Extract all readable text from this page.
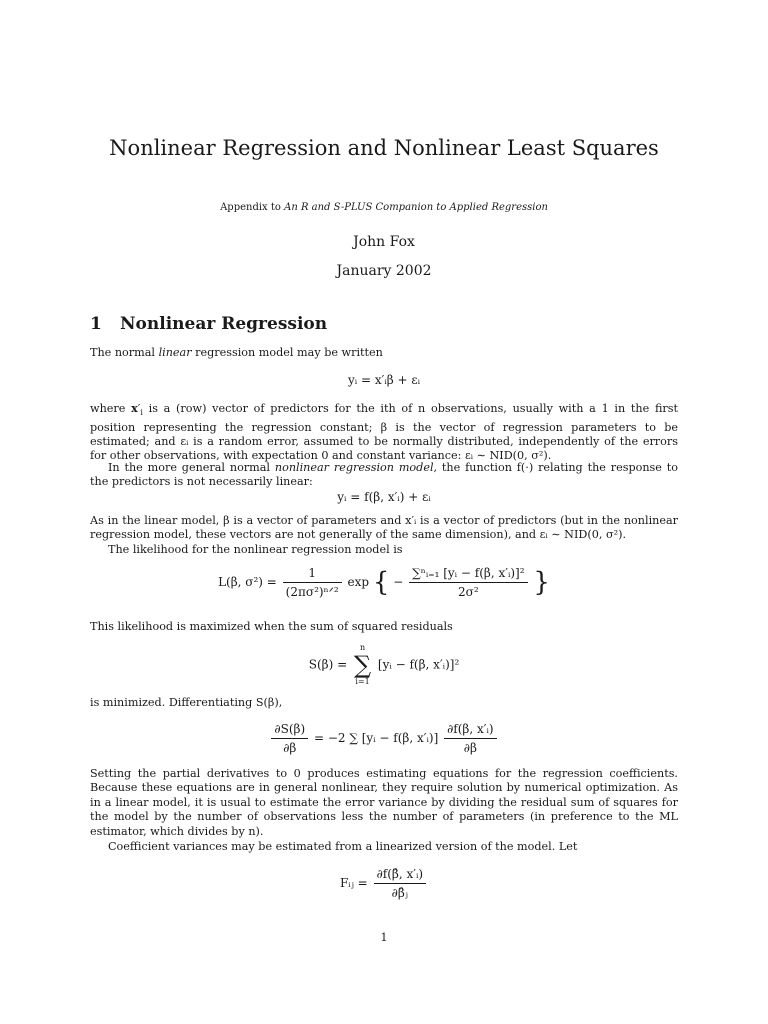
Nonlinear Regression and Nonlinear Least Squares
Appendix to An R and S-PLUS Companion to Applied Regression
John Fox
January 2002
1 Nonlinear Regression
The normal linear regression model may be written
yᵢ = x′ᵢβ + εᵢ
where $x'_i$ is a (row) vector of predictors for the ith of n observations, usually with a 1 in the first position representing the regression constant; β is the vector of regression parameters to be estimated; and εᵢ is a random error, assumed to be normally distributed, independently of the errors for other observations, with expectation 0 and constant variance: εᵢ ∼ NID(0, σ²).
In the more general normal nonlinear regression model, the function f(·) relating the response to the predictors is not necessarily linear:
yᵢ = f(β, x′ᵢ) + εᵢ
As in the linear model, β is a vector of parameters and x′ᵢ is a vector of predictors (but in the nonlinear regression model, these vectors are not generally of the same dimension), and εᵢ ∼ NID(0, σ²).
The likelihood for the nonlinear regression model is
L(β, $\sigma^2) = \frac{1}{\text{(2πσ²)ⁿᐟ²}}$ exp { − $\frac{\text{∑ⁿᵢ₌₁ [yᵢ − f(β, x′ᵢ)]²}}{\text{2σ²}}$ }
This likelihood is maximized when the sum of squared residuals
S(β) =
n
∑
i=1
[yᵢ − f(β, x′ᵢ)]²
is minimized. Differentiating S(β),
$\frac{\partial S(\beta)}{\partial\beta} = -2$ ∑ [yᵢ − f(β, x′ᵢ)] $\frac{\text{∂f(β, x′ᵢ)}}{\partial\beta}$
Setting the partial derivatives to 0 produces estimating equations for the regression coefficients. Because these equations are in general nonlinear, they require solution by numerical optimization. As in a linear model, it is usual to estimate the error variance by dividing the residual sum of squares for the model by the number of observations less the number of parameters (in preference to the ML estimator, which divides by n).
Coefficient variances may be estimated from a linearized version of the model. Let
Fᵢⱼ = $\frac{\text{∂f(β̂, x′ᵢ)}}{\text{∂β̂ⱼ}}$
1
